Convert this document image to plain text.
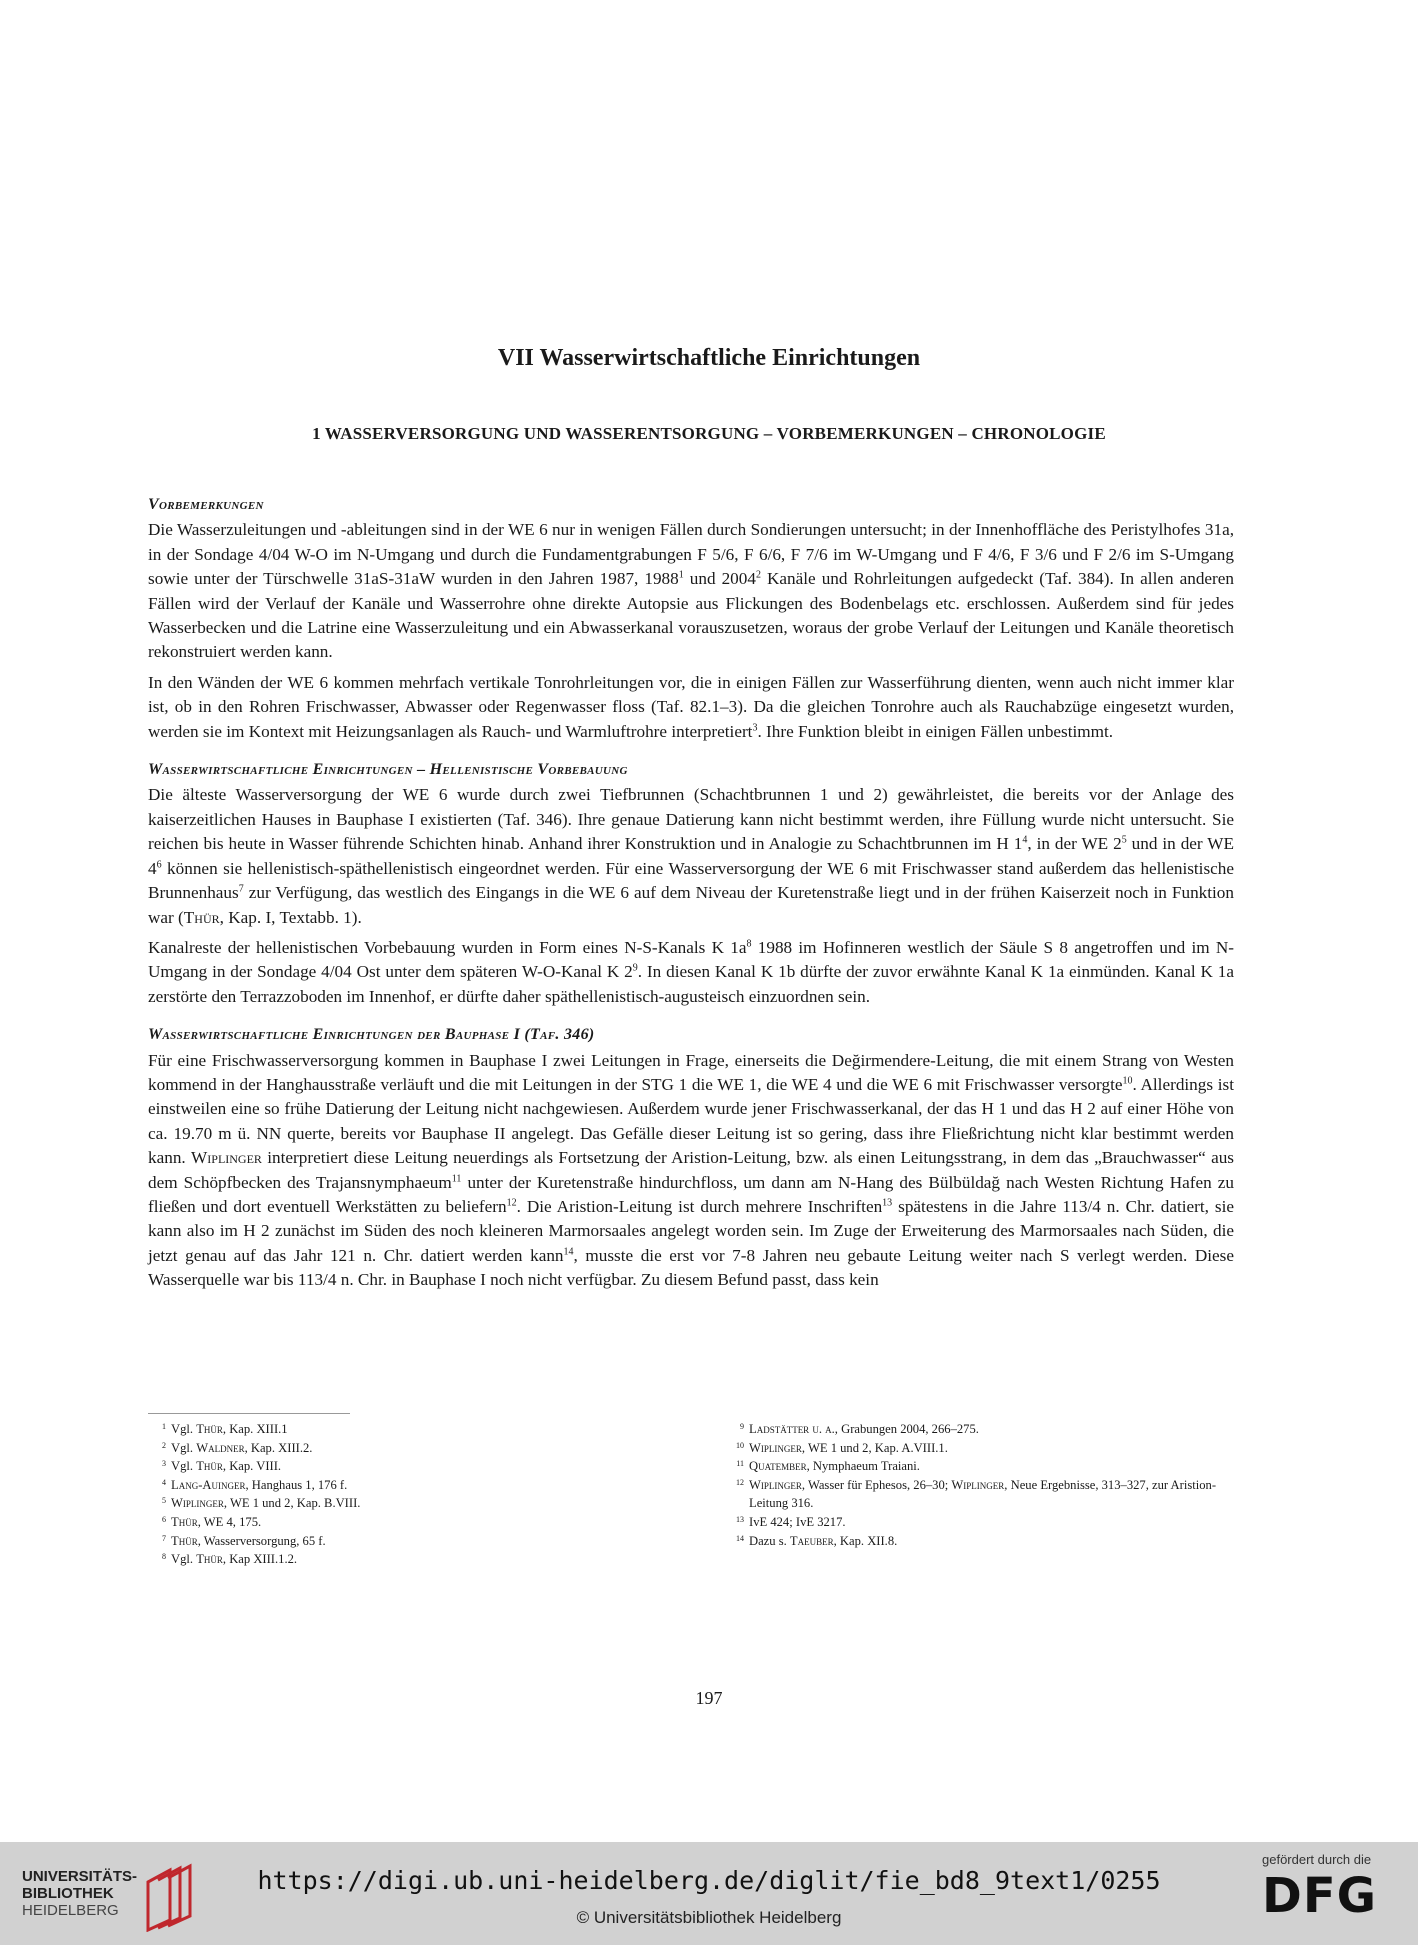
VII Wasserwirtschaftliche Einrichtungen
1 WASSERVERSORGUNG UND WASSERENTSORGUNG – VORBEMERKUNGEN – CHRONOLOGIE
Vorbemerkungen

Die Wasserzuleitungen und -ableitungen sind in der WE 6 nur in wenigen Fällen durch Sondierungen untersucht; in der Innenhoffläche des Peristylhofes 31a, in der Sondage 4/04 W-O im N-Umgang und durch die Fundamentgrabungen F 5/6, F 6/6, F 7/6 im W-Umgang und F 4/6, F 3/6 und F 2/6 im S-Umgang sowie unter der Türschwelle 31aS-31aW wurden in den Jahren 1987, 1988$^1$ und 2004$^2$ Kanäle und Rohrleitungen aufgedeckt (Taf. 384). In allen anderen Fällen wird der Verlauf der Kanäle und Wasserrohre ohne direkte Autopsie aus Flickungen des Bodenbelags etc. erschlossen. Außerdem sind für jedes Wasserbecken und die Latrine eine Wasserzuleitung und ein Abwasserkanal vorauszusetzen, woraus der grobe Verlauf der Leitungen und Kanäle theoretisch rekonstruiert werden kann.

In den Wänden der WE 6 kommen mehrfach vertikale Tonrohrleitungen vor, die in einigen Fällen zur Wasserführung dienten, wenn auch nicht immer klar ist, ob in den Rohren Frischwasser, Abwasser oder Regenwasser floss (Taf. 82.1–3). Da die gleichen Tonrohre auch als Rauchabzüge eingesetzt wurden, werden sie im Kontext mit Heizungsanlagen als Rauch- und Warmluftrohre interpretiert$^3$. Ihre Funktion bleibt in einigen Fällen unbestimmt.

Wasserwirtschaftliche Einrichtungen – Hellenistische Vorbebauung

Die älteste Wasserversorgung der WE 6 wurde durch zwei Tiefbrunnen (Schachtbrunnen 1 und 2) gewährleistet, die bereits vor der Anlage des kaiserzeitlichen Hauses in Bauphase I existierten (Taf. 346). Ihre genaue Datierung kann nicht bestimmt werden, ihre Füllung wurde nicht untersucht. Sie reichen bis heute in Wasser führende Schichten hinab. Anhand ihrer Konstruktion und in Analogie zu Schachtbrunnen im H $1^4$, in der WE $2^5$ und in der WE $4^6$ können sie hellenistisch-späthellenistisch eingeordnet werden. Für eine Wasserversorgung der WE 6 mit Frischwasser stand außerdem das hellenistische Brunnenhaus$^7$ zur Verfügung, das westlich des Eingangs in die WE 6 auf dem Niveau der Kuretenstraße liegt und in der frühen Kaiserzeit noch in Funktion war (Thür, Kap. I, Textabb. 1).

Kanalreste der hellenistischen Vorbebauung wurden in Form eines N-S-Kanals K $1a^8$ 1988 im Hofinneren westlich der Säule S 8 angetroffen und im N-Umgang in der Sondage 4/04 Ost unter dem späteren W-O-Kanal K $2^9$. In diesen Kanal K 1b dürfte der zuvor erwähnte Kanal K 1a einmünden. Kanal K 1a zerstörte den Terrazzoboden im Innenhof, er dürfte daher späthellenistisch-augusteisch einzuordnen sein.

Wasserwirtschaftliche Einrichtungen der Bauphase I (Taf. 346)

Für eine Frischwasserversorgung kommen in Bauphase I zwei Leitungen in Frage, einerseits die Değirmendere-Leitung, die mit einem Strang von Westen kommend in der Hanghausstraße verläuft und die mit Leitungen in der STG 1 die WE 1, die WE 4 und die WE 6 mit Frischwasser versorgte$^{10}$. Allerdings ist einstweilen eine so frühe Datierung der Leitung nicht nachgewiesen. Außerdem wurde jener Frischwasserkanal, der das H 1 und das H 2 auf einer Höhe von ca. 19.70 m ü. NN querte, bereits vor Bauphase II angelegt. Das Gefälle dieser Leitung ist so gering, dass ihre Fließrichtung nicht klar bestimmt werden kann. Wiplinger interpretiert diese Leitung neuerdings als Fortsetzung der Aristion-Leitung, bzw. als einen Leitungsstrang, in dem das „Brauchwasser“ aus dem Schöpfbecken des Trajansnymphaeum$^{11}$ unter der Kuretenstraße hindurchfloss, um dann am N-Hang des Bülbüldağ nach Westen Richtung Hafen zu fließen und dort eventuell Werkstätten zu beliefern$^{12}$. Die Aristion-Leitung ist durch mehrere Inschriften$^{13}$ spätestens in die Jahre 113/4 n. Chr. datiert, sie kann also im H 2 zunächst im Süden des noch kleineren Marmorsaales angelegt worden sein. Im Zuge der Erweiterung des Marmorsaales nach Süden, die jetzt genau auf das Jahr 121 n. Chr. datiert werden kann$^{14}$, musste die erst vor 7-8 Jahren neu gebaute Leitung weiter nach S verlegt werden. Diese Wasserquelle war bis 113/4 n. Chr. in Bauphase I noch nicht verfügbar. Zu diesem Befund passt, dass kein

1 Vgl. Thür, Kap. XIII.1
2 Vgl. Waldner, Kap. XIII.2.
3 Vgl. Thür, Kap. VIII.
4 Lang-Auinger, Hanghaus 1, 176 f.
5 Wiplinger, WE 1 und 2, Kap. B.VIII.
6 Thür, WE 4, 175.
7 Thür, Wasserversorgung, 65 f.
8 Vgl. Thür, Kap XIII.1.2.
9 Ladstätter u. a., Grabungen 2004, 266–275.
10 Wiplinger, WE 1 und 2, Kap. A.VIII.1.
11 Quatember, Nymphaeum Traiani.
12 Wiplinger, Wasser für Ephesos, 26–30; Wiplinger, Neue Ergebnisse, 313–327, zur Aristion-Leitung 316.
13 IvE 424; IvE 3217.
14 Dazu s. Taeuber, Kap. XII.8.
197
UNIVERSITÄTS-
BIBLIOTHEK
HEIDELBERG
https://digi.ub.uni-heidelberg.de/diglit/fie_bd8_9text1/0255
© Universitätsbibliothek Heidelberg
gefördert durch die
DFG
